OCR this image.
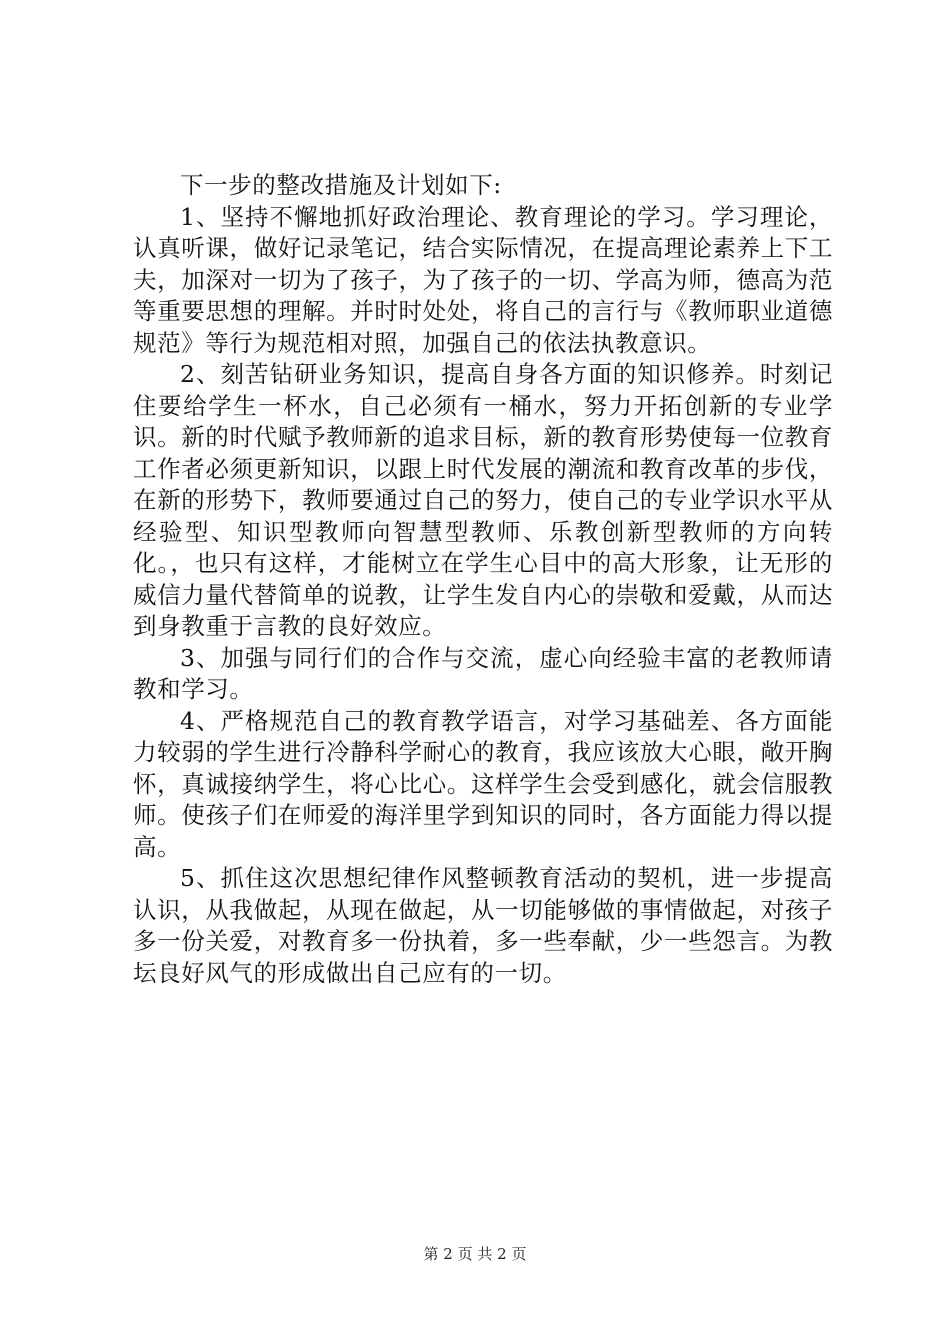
下一步的整改措施及计划如下:

1、坚持不懈地抓好政治理论、教育理论的学习。学习理论，认真听课，做好记录笔记，结合实际情况，在提高理论素养上下工夫，加深对一切为了孩子，为了孩子的一切、学高为师，德高为范等重要思想的理解。并时时处处，将自己的言行与《教师职业道德规范》等行为规范相对照，加强自己的依法执教意识。

2、刻苦钻研业务知识，提高自身各方面的知识修养。时刻记住要给学生一杯水，自己必须有一桶水，努力开拓创新的专业学识。新的时代赋予教师新的追求目标，新的教育形势使每一位教育工作者必须更新知识，以跟上时代发展的潮流和教育改革的步伐，在新的形势下，教师要通过自己的努力，使自己的专业学识水平从经验型、知识型教师向智慧型教师、乐教创新型教师的方向转化。，也只有这样，才能树立在学生心目中的高大形象，让无形的威信力量代替简单的说教，让学生发自内心的崇敬和爱戴，从而达到身教重于言教的良好效应。

3、加强与同行们的合作与交流，虚心向经验丰富的老教师请教和学习。

4、严格规范自己的教育教学语言，对学习基础差、各方面能力较弱的学生进行冷静科学耐心的教育，我应该放大心眼，敞开胸怀，真诚接纳学生，将心比心。这样学生会受到感化，就会信服教师。使孩子们在师爱的海洋里学到知识的同时，各方面能力得以提高。

5、抓住这次思想纪律作风整顿教育活动的契机，进一步提高认识，从我做起，从现在做起，从一切能够做的事情做起，对孩子多一份关爱，对教育多一份执着，多一些奉献，少一些怨言。为教坛良好风气的形成做出自己应有的一切。

第 2 页 共 2 页
